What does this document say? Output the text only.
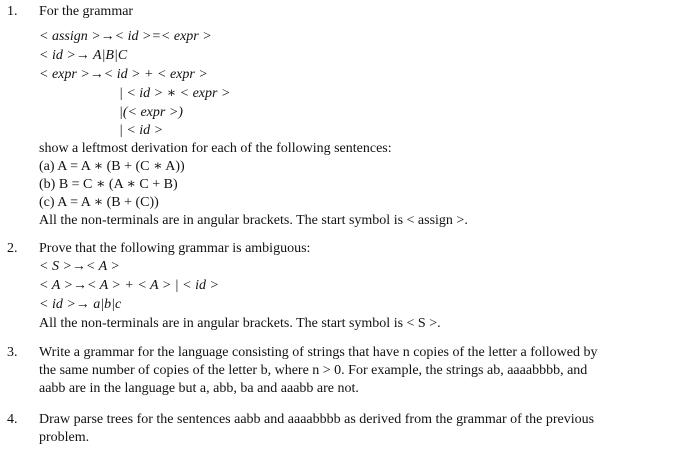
1. For the grammar
< assign >→< id >=< expr >
< id >→ A|B|C
< expr >→< id > + < expr >
| < id > ∗ < expr >
|(< expr >)
| < id >
show a leftmost derivation for each of the following sentences:
(a) A = A ∗ (B + (C ∗ A))
(b) B = C ∗ (A ∗ C + B)
(c) A = A ∗ (B + (C))
All the non-terminals are in angular brackets. The start symbol is < assign >.
2. Prove that the following grammar is ambiguous:
< S >→< A >
< A >→< A > + < A > | < id >
< id >→ a|b|c
All the non-terminals are in angular brackets. The start symbol is < S >.
3. Write a grammar for the language consisting of strings that have n copies of the letter a followed by
the same number of copies of the letter b, where n > 0. For example, the strings ab, aaaabbbb, and
aabb are in the language but a, abb, ba and aaabb are not.
4. Draw parse trees for the sentences aabb and aaaabbbb as derived from the grammar of the previous
problem.
